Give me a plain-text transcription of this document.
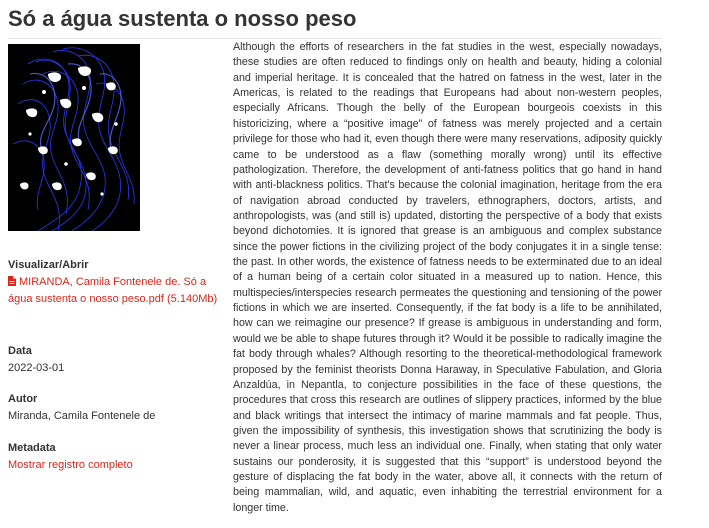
Só a água sustenta o nosso peso

Visualizar/Abrir

MIRANDA, Camila Fontenele de. Só a água sustenta o nosso peso.pdf (5.140Mb)

Data

2022-03-01

Autor

Miranda, Camila Fontenele de

Metadata

Mostrar registro completo

Although the efforts of researchers in the fat studies in the west, especially nowadays, these studies are often reduced to findings only on health and beauty, hiding a colonial and imperial heritage. It is concealed that the hatred on fatness in the west, later in the Americas, is related to the readings that Europeans had about non-western peoples, especially Africans. Though the belly of the European bourgeois coexists in this historicizing, where a “positive image” of fatness was merely projected and a certain privilege for those who had it, even though there were many reservations, adiposity quickly came to be understood as a flaw (something morally wrong) until its effective pathologization. Therefore, the development of anti-fatness politics that go hand in hand with anti-blackness politics. That's because the colonial imagination, heritage from the era of navigation abroad conducted by travelers, ethnographers, doctors, artists, and anthropologists, was (and still is) updated, distorting the perspective of a body that exists beyond dichotomies. It is ignored that grease is an ambiguous and complex substance since the power fictions in the civilizing project of the body conjugates it in a single tense: the past. In other words, the existence of fatness needs to be exterminated due to an ideal of a human being of a certain color situated in a measured up to nation. Hence, this multispecies/interspecies research permeates the questioning and tensioning of the power fictions in which we are inserted. Consequently, if the fat body is a life to be annihilated, how can we reimagine our presence? If grease is ambiguous in understanding and form, would we be able to shape futures through it? Would it be possible to radically imagine the fat body through whales? Although resorting to the theoretical-methodological framework proposed by the feminist theorists Donna Haraway, in Speculative Fabulation, and Gloria Anzaldúa, in Nepantla, to conjecture possibilities in the face of these questions, the procedures that cross this research are outlines of slippery practices, informed by the blue and black writings that intersect the intimacy of marine mammals and fat people. Thus, given the impossibility of synthesis, this investigation shows that scrutinizing the body is never a linear process, much less an individual one. Finally, when stating that only water sustains our ponderosity, it is suggested that this “support” is understood beyond the gesture of displacing the fat body in the water, above all, it connects with the return of being mammalian, wild, and aquatic, even inhabiting the terrestrial environment for a longer time.
